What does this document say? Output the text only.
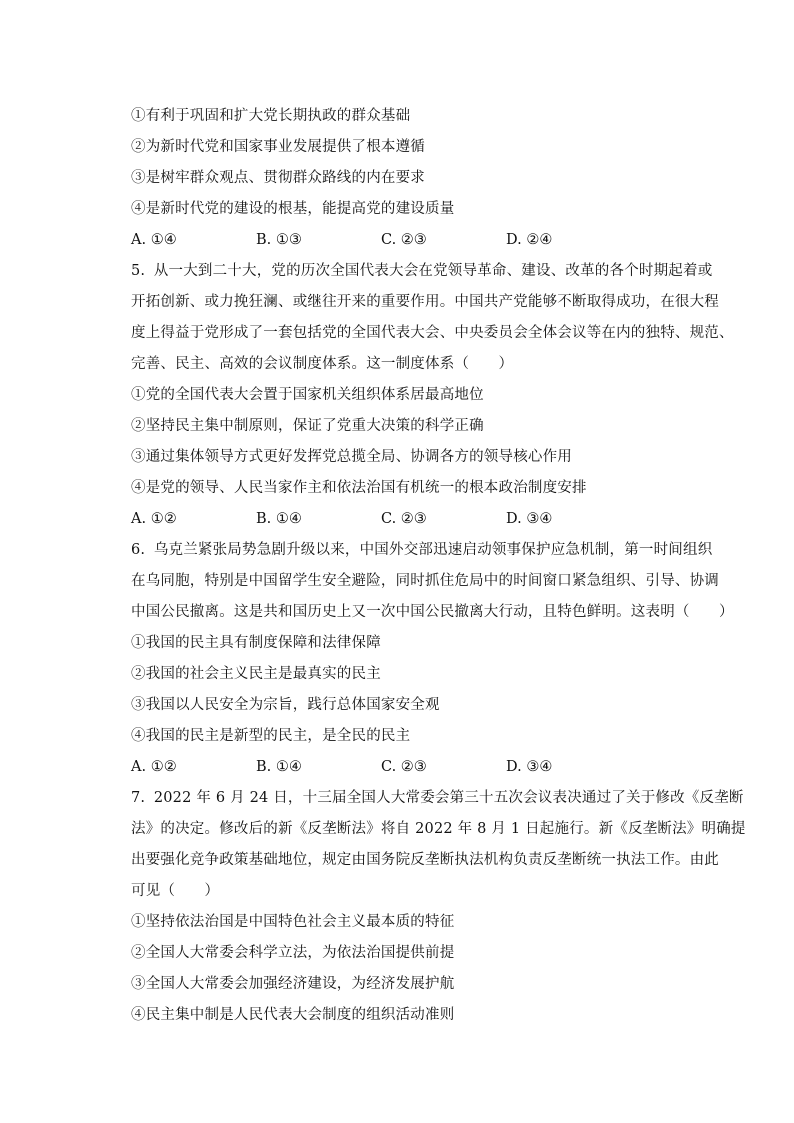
①有利于巩固和扩大党长期执政的群众基础
②为新时代党和国家事业发展提供了根本遵循
③是树牢群众观点、贯彻群众路线的内在要求
④是新时代党的建设的根基，能提高党的建设质量
A. ①④	B. ①③	C. ②③	D. ②④
5. 从一大到二十大，党的历次全国代表大会在党领导革命、建设、改革的各个时期起着或
开拓创新、或力挽狂澜、或继往开来的重要作用。中国共产党能够不断取得成功，在很大程
度上得益于党形成了一套包括党的全国代表大会、中央委员会全体会议等在内的独特、规范、
完善、民主、高效的会议制度体系。这一制度体系（　　）
①党的全国代表大会置于国家机关组织体系居最高地位
②坚持民主集中制原则，保证了党重大决策的科学正确
③通过集体领导方式更好发挥党总揽全局、协调各方的领导核心作用
④是党的领导、人民当家作主和依法治国有机统一的根本政治制度安排
A. ①②	B. ①④	C. ②③	D. ③④
6. 乌克兰紧张局势急剧升级以来，中国外交部迅速启动领事保护应急机制，第一时间组织
在乌同胞，特别是中国留学生安全避险，同时抓住危局中的时间窗口紧急组织、引导、协调
中国公民撤离。这是共和国历史上又一次中国公民撤离大行动，且特色鲜明。这表明（　　）
①我国的民主具有制度保障和法律保障
②我国的社会主义民主是最真实的民主
③我国以人民安全为宗旨，践行总体国家安全观
④我国的民主是新型的民主，是全民的民主
A. ①②	B. ①④	C. ②③	D. ③④
7. 2022 年 6 月 24 日，十三届全国人大常委会第三十五次会议表决通过了关于修改《反垄断
法》的决定。修改后的新《反垄断法》将自 2022 年 8 月 1 日起施行。新《反垄断法》明确提
出要强化竞争政策基础地位，规定由国务院反垄断执法机构负责反垄断统一执法工作。由此
可见（　　）
①坚持依法治国是中国特色社会主义最本质的特征
②全国人大常委会科学立法，为依法治国提供前提
③全国人大常委会加强经济建设，为经济发展护航
④民主集中制是人民代表大会制度的组织活动准则
